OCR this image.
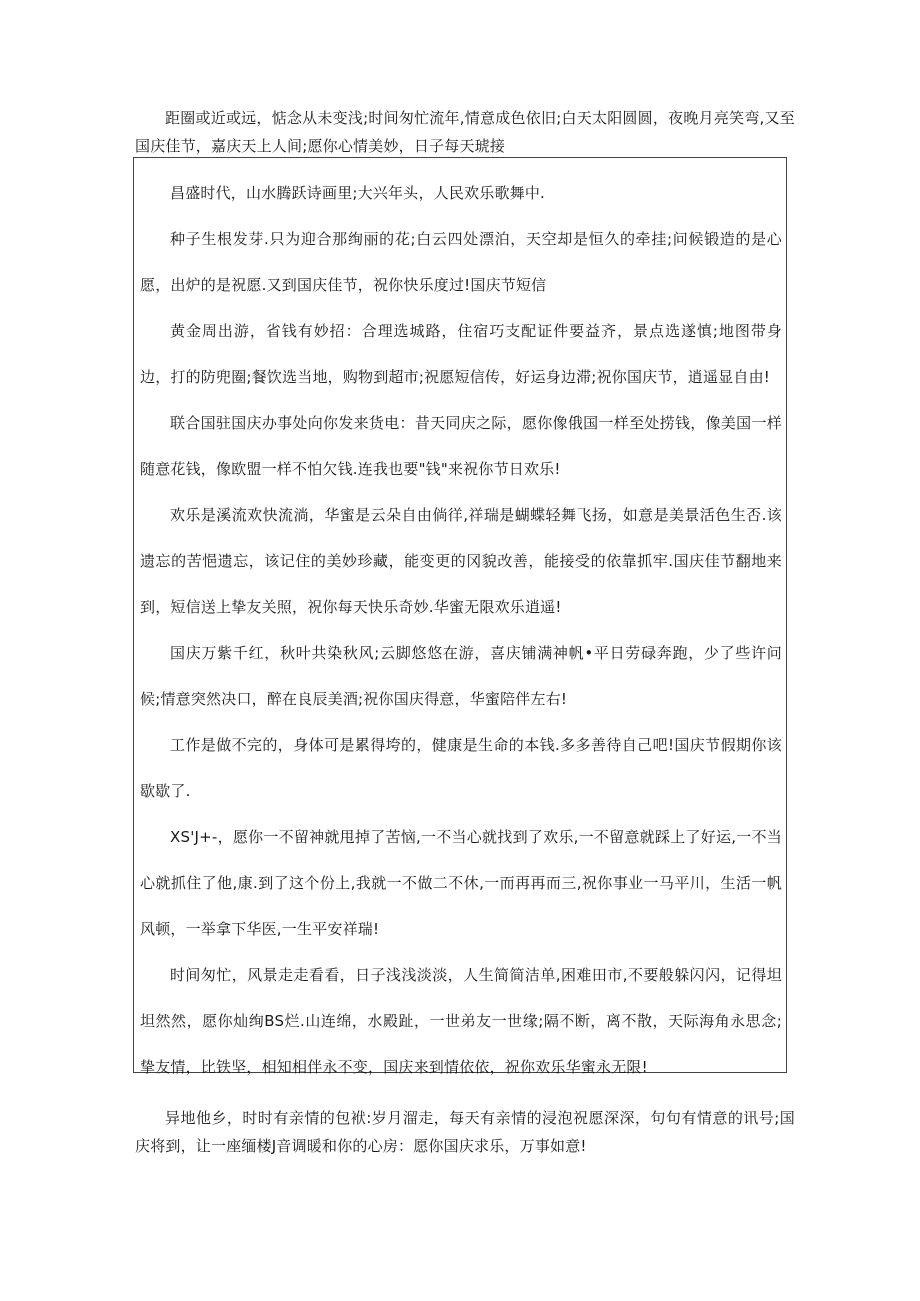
距圈或近或远，惦念从未变浅;时间匆忙流年,情意成色依旧;白天太阳圆圆，夜晚月亮笑弯,又至国庆佳节，嘉庆天上人间;愿你心情美妙，日子每天琥接

昌盛时代，山水腾跃诗画里;大兴年头，人民欢乐歌舞中.

种子生根发芽.只为迎合那绚丽的花;白云四处漂泊，天空却是恒久的牵挂;问候锻造的是心愿，出炉的是祝愿.又到国庆佳节，祝你快乐度过!国庆节短信

黄金周出游，省钱有妙招：合理选城路，住宿巧支配证件要益齐，景点选遂慎;地图带身边，打的防兜圈;餐饮选当地，购物到超市;祝愿短信传，好运身边滞;祝你国庆节，逍遥显自由!

联合国驻国庆办事处向你发来货电：昔天同庆之际，愿你像俄国一样至处捞钱，像美国一样随意花钱，像欧盟一样不怕欠钱.连我也要"钱"来祝你节日欢乐!

欢乐是溪流欢快流淌，华蜜是云朵自由倘徉,祥瑞是蝴蝶轻舞飞扬，如意是美景活色生否.该遗忘的苦悒遗忘，该记住的美妙珍藏，能变更的冈貌改善，能接受的依靠抓牢.国庆佳节翻地来到，短信送上挚友关照，祝你每天快乐奇妙.华蜜无限欢乐逍遥!

国庆万紫千红，秋叶共染秋风;云脚悠悠在游，喜庆铺满神帆•平日劳碌奔跑，少了些许问候;情意突然决口，醉在良辰美酒;祝你国庆得意，华蜜陪伴左右!

工作是做不完的，身体可是累得垮的，健康是生命的本钱.多多善待自己吧!国庆节假期你该歇歇了.

XS'J+-，愿你一不留神就甩掉了苦恼,一不当心就找到了欢乐,一不留意就踩上了好运,一不当心就抓住了他,康.到了这个份上,我就一不做二不休,一而再再而三,祝你事业一马平川，生活一帆风顿，一举拿下华医,一生平安祥瑞!

时间匆忙，风景走走看看，日子浅浅淡淡，人生简简洁单,困难田市,不要般躲闪闪，记得坦坦然然，愿你灿绚BS烂.山连绵，水殿趾，一世弟友一世缘;隔不断，离不散，天际海角永思念;挚友情，比铁坚，相知相伴永不变，国庆来到情依依，祝你欢乐华蜜永无限!

异地他乡，时时有亲情的包袱:岁月溜走，每天有亲情的浸泡祝愿深深，句句有情意的讯号;国庆将到，让一座缅楼J音调暖和你的心房：愿你国庆求乐，万事如意!
